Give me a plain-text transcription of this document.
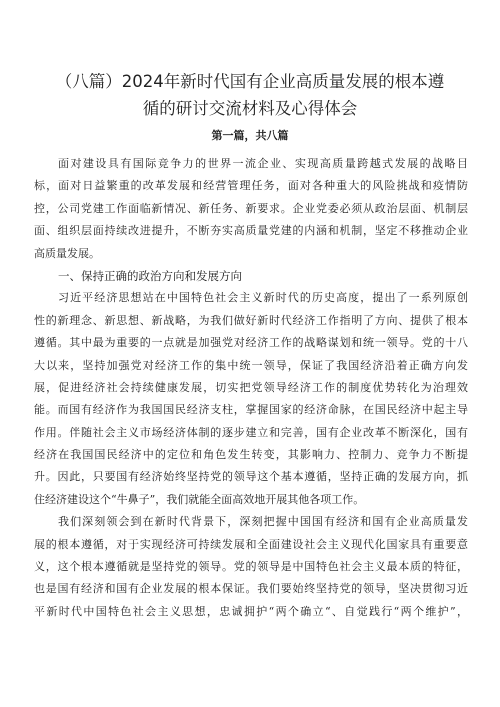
（八篇）2024年新时代国有企业高质量发展的根本遵
循的研讨交流材料及心得体会
第一篇，共八篇
面对建设具有国际竞争力的世界一流企业、实现高质量跨越式发展的战略目
标，面对日益繁重的改革发展和经营管理任务，面对各种重大的风险挑战和疫情防
控，公司党建工作面临新情况、新任务、新要求。企业党委必须从政治层面、机制层
面、组织层面持续改进提升，不断夯实高质量党建的内涵和机制，坚定不移推动企业
高质量发展。
一、保持正确的政治方向和发展方向
习近平经济思想站在中国特色社会主义新时代的历史高度，提出了一系列原创
性的新理念、新思想、新战略，为我们做好新时代经济工作指明了方向、提供了根本
遵循。其中最为重要的一点就是加强党对经济工作的战略谋划和统一领导。党的十八
大以来，坚持加强党对经济工作的集中统一领导，保证了我国经济沿着正确方向发
展，促进经济社会持续健康发展，切实把党领导经济工作的制度优势转化为治理效
能。而国有经济作为我国国民经济支柱，掌握国家的经济命脉，在国民经济中起主导
作用。伴随社会主义市场经济体制的逐步建立和完善，国有企业改革不断深化，国有
经济在我国国民经济中的定位和角色发生转变，其影响力、控制力、竞争力不断提
升。因此，只要国有经济始终坚持党的领导这个基本遵循，坚持正确的发展方向，抓
住经济建设这个“牛鼻子”，我们就能全面高效地开展其他各项工作。
我们深刻领会到在新时代背景下，深刻把握中国国有经济和国有企业高质量发
展的根本遵循，对于实现经济可持续发展和全面建设社会主义现代化国家具有重要意
义，这个根本遵循就是坚持党的领导。党的领导是中国特色社会主义最本质的特征，
也是国有经济和国有企业发展的根本保证。我们要始终坚持党的领导，坚决贯彻习近
平新时代中国特色社会主义思想，忠诚拥护“两个确立“、自觉践行“两个维护”，
